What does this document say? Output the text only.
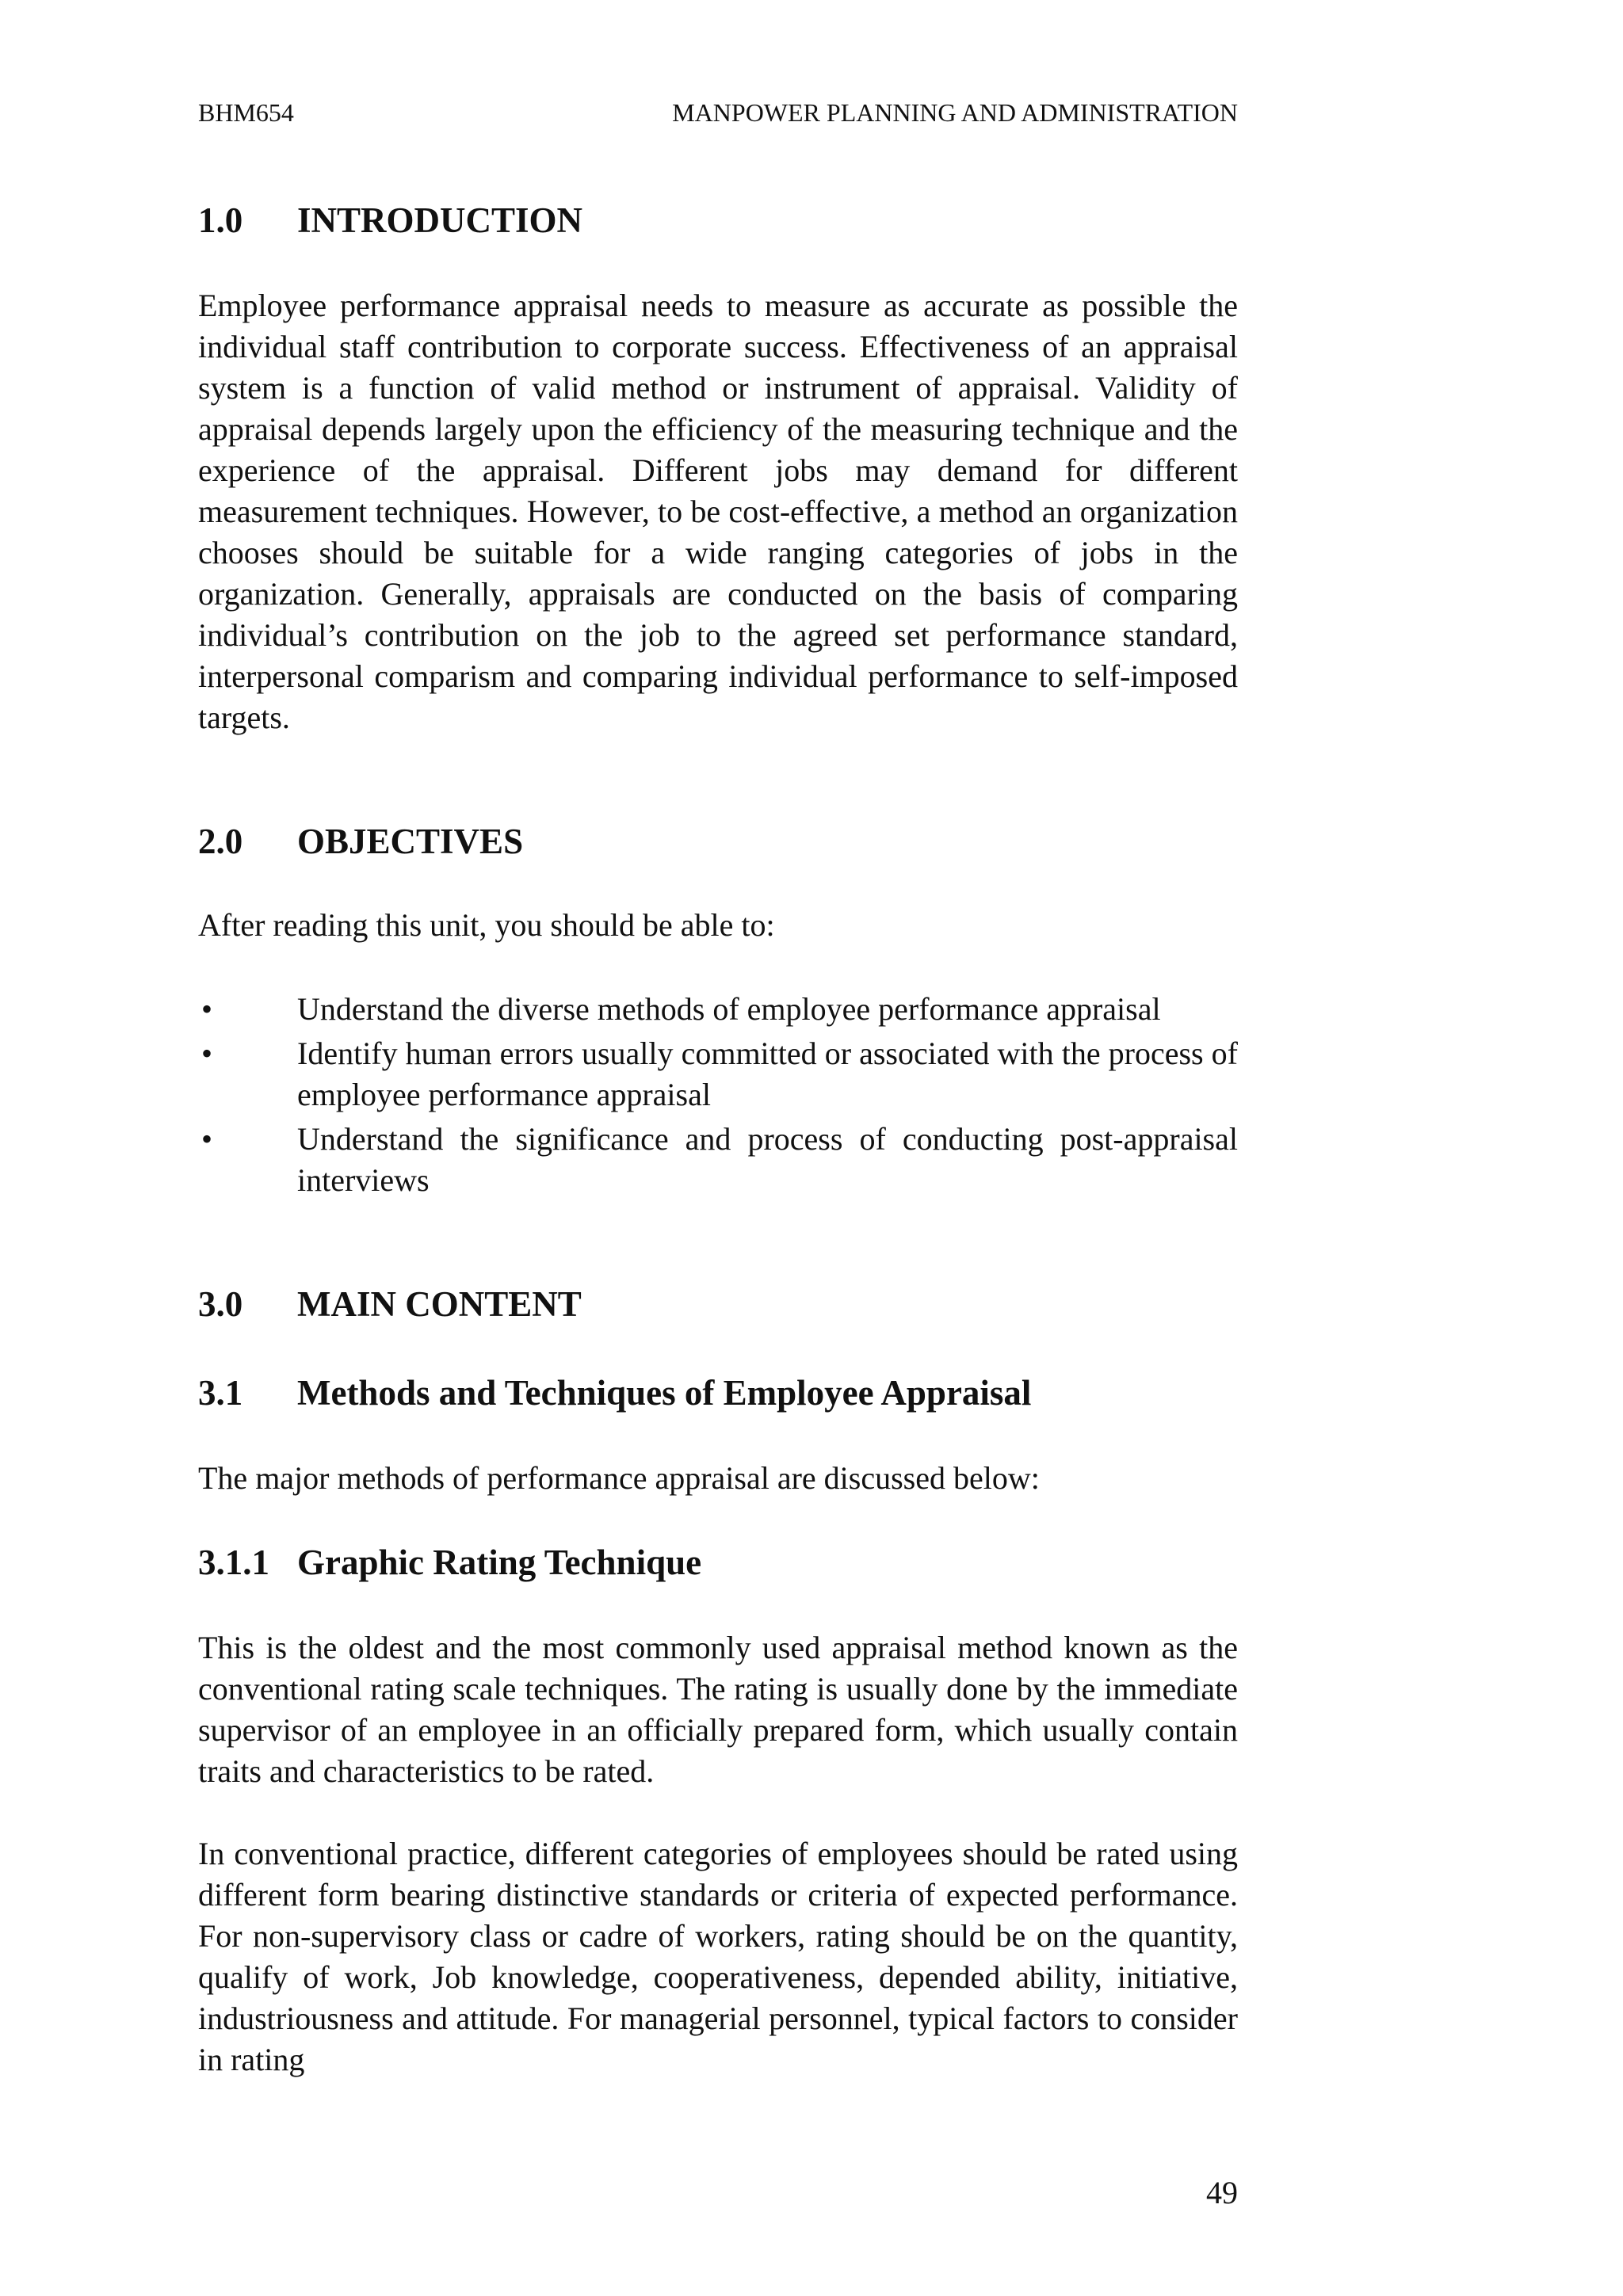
BHM654	MANPOWER PLANNING AND ADMINISTRATION
1.0 INTRODUCTION

Employee performance appraisal needs to measure as accurate as possible the individual staff contribution to corporate success. Effectiveness of an appraisal system is a function of valid method or instrument of appraisal. Validity of appraisal depends largely upon the efficiency of the measuring technique and the experience of the appraisal. Different jobs may demand for different measurement techniques. However, to be cost-effective, a method an organization chooses should be suitable for a wide ranging categories of jobs in the organization. Generally, appraisals are conducted on the basis of comparing individual’s contribution on the job to the agreed set performance standard, interpersonal comparism and comparing individual performance to self-imposed targets.

2.0 OBJECTIVES

After reading this unit, you should be able to:

•	Understand the diverse methods of employee performance appraisal
•	Identify human errors usually committed or associated with the process of employee performance appraisal
•	Understand the significance and process of conducting post-appraisal interviews
3.0 MAIN CONTENT
3.1 Methods and Techniques of Employee Appraisal

The major methods of performance appraisal are discussed below:

3.1.1 Graphic Rating Technique

This is the oldest and the most commonly used appraisal method known as the conventional rating scale techniques. The rating is usually done by the immediate supervisor of an employee in an officially prepared form, which usually contain traits and characteristics to be rated.

In conventional practice, different categories of employees should be rated using different form bearing distinctive standards or criteria of expected performance. For non-supervisory class or cadre of workers, rating should be on the quantity, qualify of work, Job knowledge, cooperativeness, depended ability, initiative, industriousness and attitude. For managerial personnel, typical factors to consider in rating

49
